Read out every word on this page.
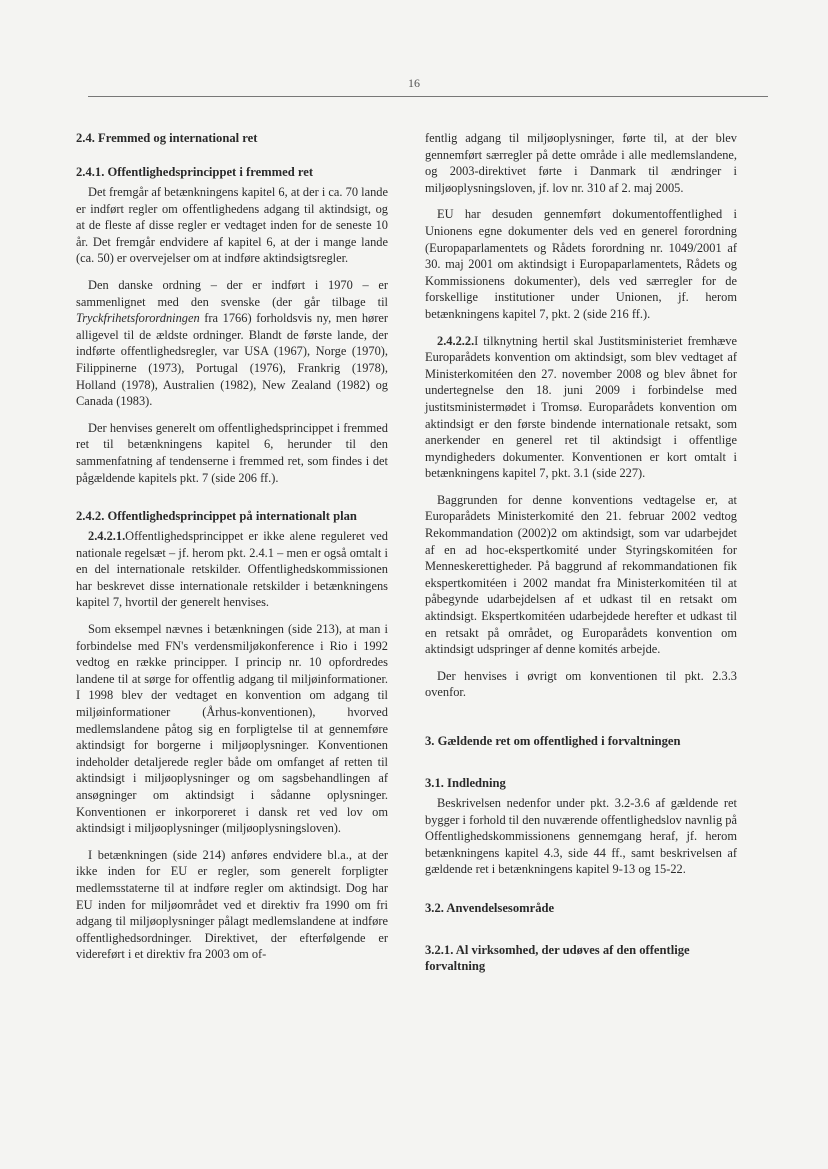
16
2.4. Fremmed og international ret
2.4.1. Offentlighedsprincippet i fremmed ret

Det fremgår af betænkningens kapitel 6, at der i ca. 70 lande er indført regler om offentlighedens adgang til aktindsigt, og at de fleste af disse regler er vedtaget inden for de seneste 10 år. Det fremgår endvidere af kapitel 6, at der i mange lande (ca. 50) er overvejelser om at indføre aktindsigtsregler.

Den danske ordning – der er indført i 1970 – er sammenlignet med den svenske (der går tilbage til Tryckfrihetsforordningen fra 1766) forholdsvis ny, men hører alligevel til de ældste ordninger. Blandt de første lande, der indførte offentlighedsregler, var USA (1967), Norge (1970), Filippinerne (1973), Portugal (1976), Frankrig (1978), Holland (1978), Australien (1982), New Zealand (1982) og Canada (1983).

Der henvises generelt om offentlighedsprincippet i fremmed ret til betænkningens kapitel 6, herunder til den sammenfatning af tendenserne i fremmed ret, som findes i det pågældende kapitels pkt. 7 (side 206 ff.).

2.4.2. Offentlighedsprincippet på internationalt plan

2.4.2.1.Offentlighedsprincippet er ikke alene reguleret ved nationale regelsæt – jf. herom pkt. 2.4.1 – men er også omtalt i en del internationale retskilder. Offentlighedskommissionen har beskrevet disse internationale retskilder i betænkningens kapitel 7, hvortil der generelt henvises.

Som eksempel nævnes i betænkningen (side 213), at man i forbindelse med FN's verdensmiljøkonference i Rio i 1992 vedtog en række principper. I princip nr. 10 opfordredes landene til at sørge for offentlig adgang til miljøinformationer. I 1998 blev der vedtaget en konvention om adgang til miljøinformationer (Århus-konventionen), hvorved medlemslandene påtog sig en forpligtelse til at gennemføre aktindsigt for borgerne i miljøoplysninger. Konventionen indeholder detaljerede regler både om omfanget af retten til aktindsigt i miljøoplysninger og om sagsbehandlingen af ansøgninger om aktindsigt i sådanne oplysninger. Konventionen er inkorporeret i dansk ret ved lov om aktindsigt i miljøoplysninger (miljøoplysningsloven).

I betænkningen (side 214) anføres endvidere bl.a., at der ikke inden for EU er regler, som generelt forpligter medlemsstaterne til at indføre regler om aktindsigt. Dog har EU inden for miljøområdet ved et direktiv fra 1990 om fri adgang til miljøoplysninger pålagt medlemslandene at indføre offentlighedsordninger. Direktivet, der efterfølgende er videreført i et direktiv fra 2003 om of-

fentlig adgang til miljøoplysninger, førte til, at der blev gennemført særregler på dette område i alle medlemslandene, og 2003-direktivet førte i Danmark til ændringer i miljøoplysningsloven, jf. lov nr. 310 af 2. maj 2005.

EU har desuden gennemført dokumentoffentlighed i Unionens egne dokumenter dels ved en generel forordning (Europaparlamentets og Rådets forordning nr. 1049/2001 af 30. maj 2001 om aktindsigt i Europaparlamentets, Rådets og Kommissionens dokumenter), dels ved særregler for de forskellige institutioner under Unionen, jf. herom betænkningens kapitel 7, pkt. 2 (side 216 ff.).

2.4.2.2.I tilknytning hertil skal Justitsministeriet fremhæve Europarådets konvention om aktindsigt, som blev vedtaget af Ministerkomitéen den 27. november 2008 og blev åbnet for undertegnelse den 18. juni 2009 i forbindelse med justitsministermødet i Tromsø. Europarådets konvention om aktindsigt er den første bindende internationale retsakt, som anerkender en generel ret til aktindsigt i offentlige myndigheders dokumenter. Konventionen er kort omtalt i betænkningens kapitel 7, pkt. 3.1 (side 227).

Baggrunden for denne konventions vedtagelse er, at Europarådets Ministerkomité den 21. februar 2002 vedtog Rekommandation (2002)2 om aktindsigt, som var udarbejdet af en ad hoc-ekspertkomité under Styringskomitéen for Menneskerettigheder. På baggrund af rekommandationen fik ekspertkomitéen i 2002 mandat fra Ministerkomitéen til at påbegynde udarbejdelsen af et udkast til en retsakt om aktindsigt. Ekspertkomitéen udarbejdede herefter et udkast til en retsakt på området, og Europarådets konvention om aktindsigt udspringer af denne komités arbejde.

Der henvises i øvrigt om konventionen til pkt. 2.3.3 ovenfor.

3. Gældende ret om offentlighed i forvaltningen
3.1. Indledning

Beskrivelsen nedenfor under pkt. 3.2-3.6 af gældende ret bygger i forhold til den nuværende offentlighedslov navnlig på Offentlighedskommissionens gennemgang heraf, jf. herom betænkningens kapitel 4.3, side 44 ff., samt beskrivelsen af gældende ret i betænkningens kapitel 9-13 og 15-22.

3.2. Anvendelsesområde
3.2.1. Al virksomhed, der udøves af den offentlige forvaltning
